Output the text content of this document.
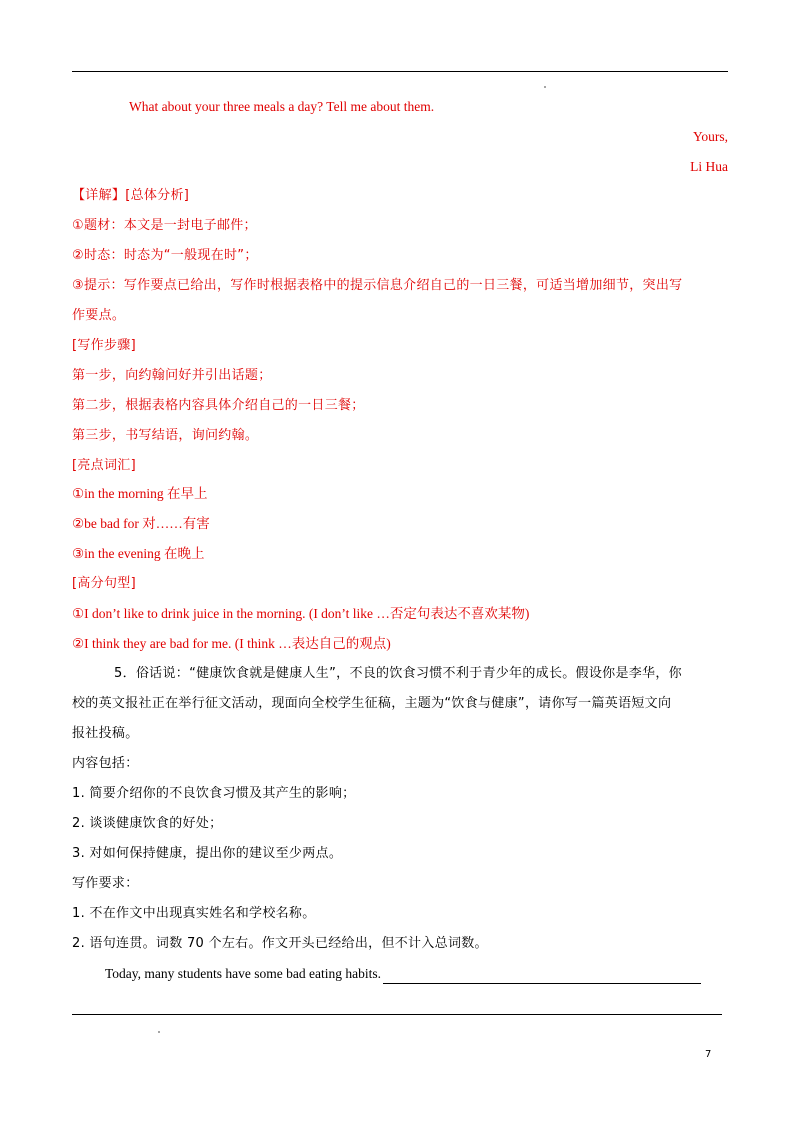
What about your three meals a day? Tell me about them.
Yours,
Li Hua
【详解】[总体分析]
①题材：本文是一封电子邮件；
②时态：时态为“一般现在时”；
③提示：写作要点已给出，写作时根据表格中的提示信息介绍自己的一日三餐，可适当增加细节，突出写
作要点。
[写作步骤]
第一步，向约翰问好并引出话题；
第二步，根据表格内容具体介绍自己的一日三餐；
第三步，书写结语，询问约翰。
[亮点词汇]
①in the morning 在早上
②be bad for 对……有害
③in the evening 在晚上
[高分句型]
①I don’t like to drink juice in the morning. (I don’t like …否定句表达不喜欢某物)
②I think they are bad for me. (I think …表达自己的观点)
5．俗话说：“健康饮食就是健康人生”，不良的饮食习惯不利于青少年的成长。假设你是李华，你
校的英文报社正在举行征文活动，现面向全校学生征稿，主题为“饮食与健康”，请你写一篇英语短文向
报社投稿。
内容包括：
1. 简要介绍你的不良饮食习惯及其产生的影响；
2. 谈谈健康饮食的好处；
3. 对如何保持健康，提出你的建议至少两点。
写作要求：
1. 不在作文中出现真实姓名和学校名称。
2. 语句连贯。词数 70 个左右。作文开头已经给出，但不计入总词数。
Today, many students have some bad eating habits.
7
